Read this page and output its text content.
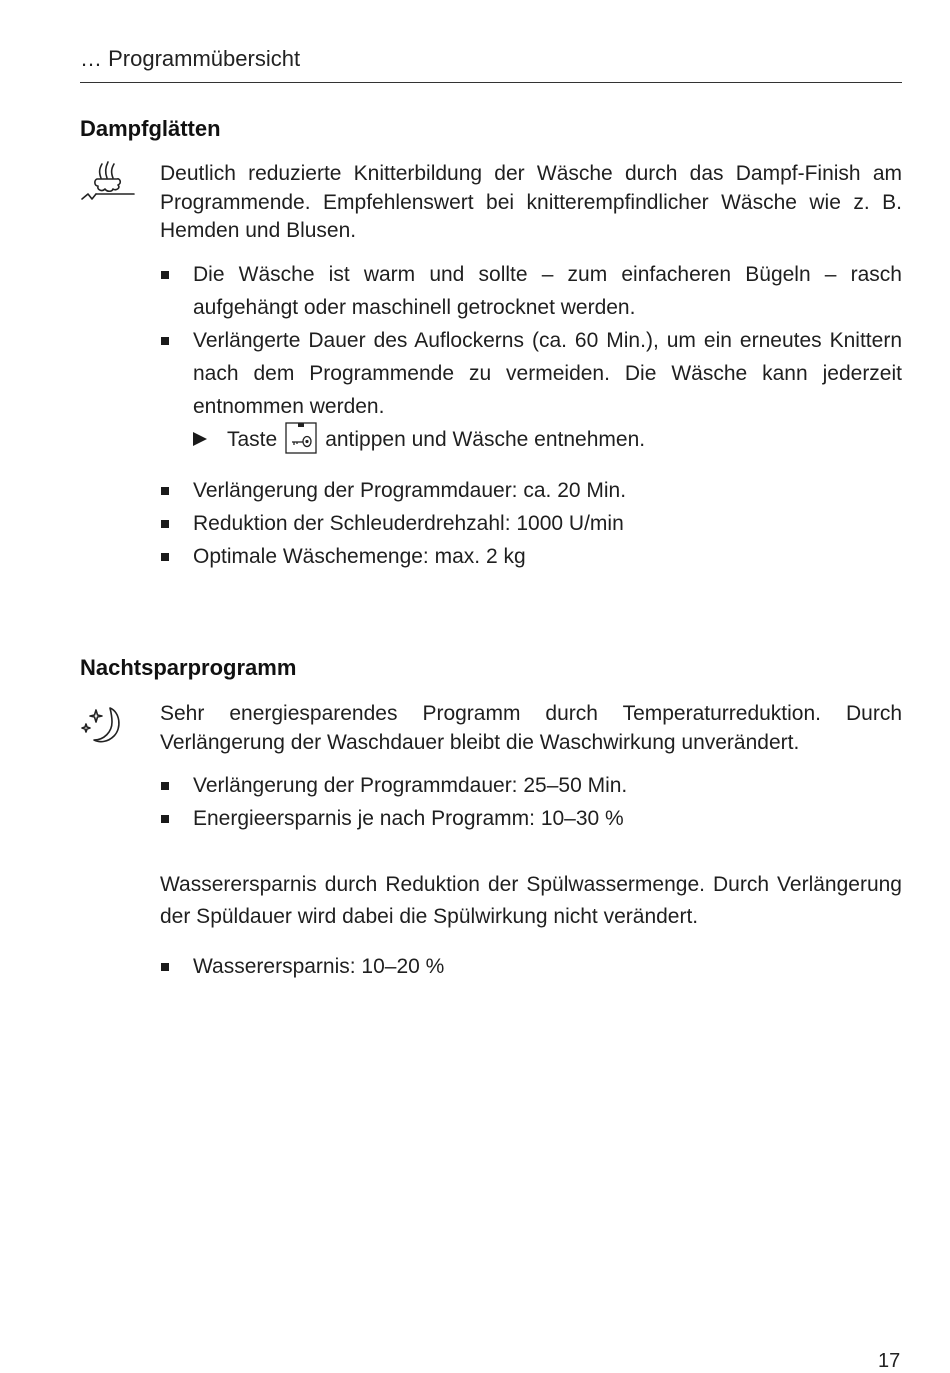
… Programmübersicht
Dampfglätten

Deutlich reduzierte Knitterbildung der Wäsche durch das Dampf-Finish am Programmende. Empfehlenswert bei knitterempfindlicher Wäsche wie z. B. Hemden und Blusen.

Die Wäsche ist warm und sollte – zum einfacheren Bügeln – rasch aufgehängt oder maschinell getrocknet werden.
Verlängerte Dauer des Auflockerns (ca. 60 Min.), um ein erneutes Knittern nach dem Programmende zu vermeiden. Die Wäsche kann jederzeit entnommen werden.
Taste antippen und Wäsche entnehmen.
Verlängerung der Programmdauer: ca. 20 Min.
Reduktion der Schleuderdrehzahl: 1000 U/min
Optimale Wäschemenge: max. 2 kg
Nachtsparprogramm

Sehr energiesparendes Programm durch Temperaturreduktion. Durch Verlängerung der Waschdauer bleibt die Waschwirkung unverändert.

Verlängerung der Programmdauer: 25–50 Min.
Energieersparnis je nach Programm: 10–30 %

Wasserersparnis durch Reduktion der Spülwassermenge. Durch Verlängerung der Spüldauer wird dabei die Spülwirkung nicht verändert.

Wasserersparnis: 10–20 %
17
